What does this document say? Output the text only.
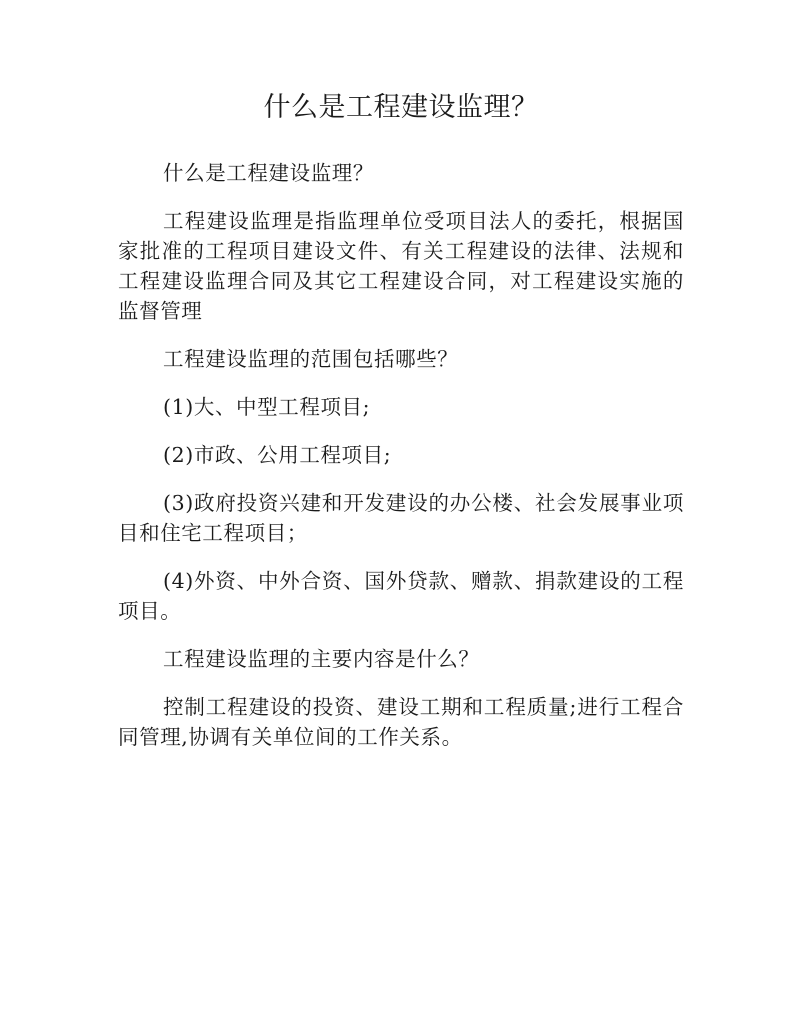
什么是工程建设监理？

什么是工程建设监理？

工程建设监理是指监理单位受项目法人的委托，根据国家批准的工程项目建设文件、有关工程建设的法律、法规和工程建设监理合同及其它工程建设合同，对工程建设实施的监督管理

工程建设监理的范围包括哪些？

(1)大、中型工程项目;

(2)市政、公用工程项目;

(3)政府投资兴建和开发建设的办公楼、社会发展事业项目和住宅工程项目；

(4)外资、中外合资、国外贷款、赠款、捐款建设的工程项目。

工程建设监理的主要内容是什么？

控制工程建设的投资、建设工期和工程质量;进行工程合同管理,协调有关单位间的工作关系。
